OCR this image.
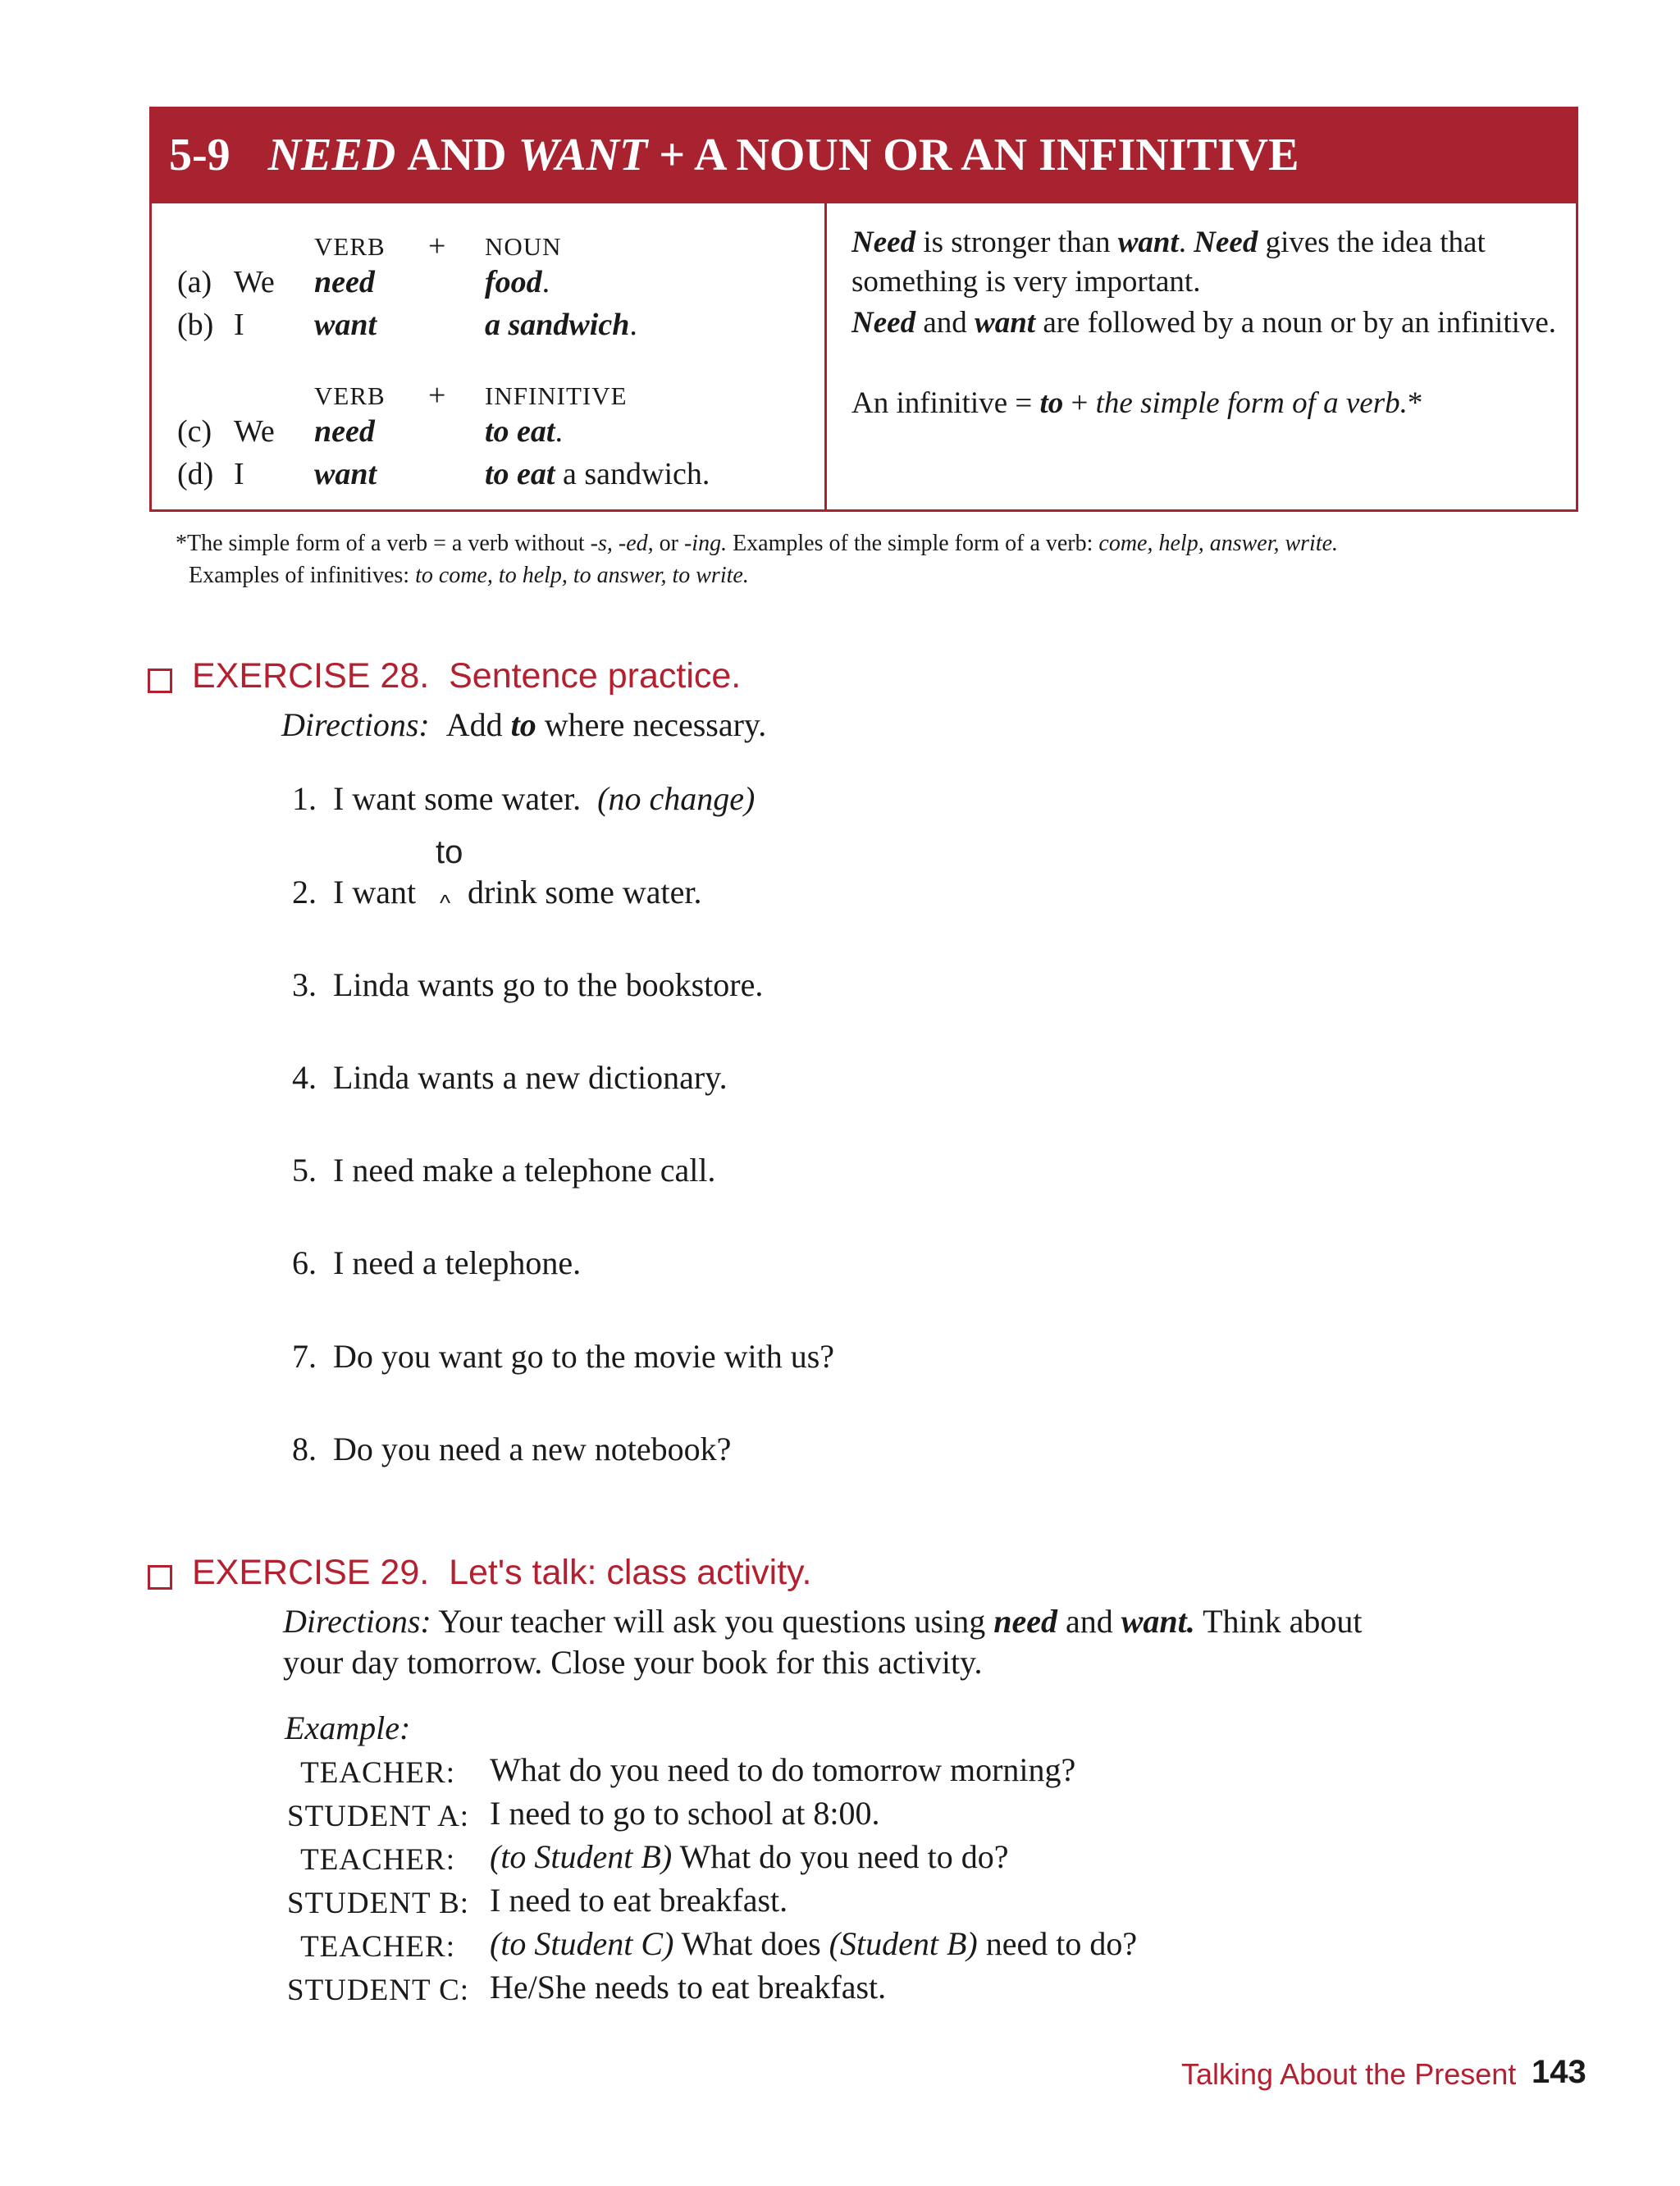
5-9 NEED AND WANT + A NOUN OR AN INFINITIVE
VERB + NOUN
(a) We need	food.
(b) I want	a sandwich.
VERB + INFINITIVE
(c) We need	to eat.
(d) I want	to eat a sandwich.
Need is stronger than want. Need gives the idea that something is very important.
Need and want are followed by a noun or by an infinitive.
An infinitive = to + the simple form of a verb.*
*The simple form of a verb = a verb without -s, -ed, or -ing. Examples of the simple form of a verb: come, help, answer, write.
Examples of infinitives: to come, to help, to answer, to write.
EXERCISE 28. Sentence practice.
Directions: Add to where necessary.
1. I want some water. (no change)
to
2. I want ^ drink some water.
3. Linda wants go to the bookstore.
4. Linda wants a new dictionary.
5. I need make a telephone call.
6. I need a telephone.
7. Do you want go to the movie with us?
8. Do you need a new notebook?
EXERCISE 29. Let's talk: class activity.
Directions: Your teacher will ask you questions using need and want. Think about
your day tomorrow. Close your book for this activity.
Example:
TEACHER: What do you need to do tomorrow morning?
STUDENT A: I need to go to school at 8:00.
TEACHER: (to Student B) What do you need to do?
STUDENT B: I need to eat breakfast.
TEACHER: (to Student C) What does (Student B) need to do?
STUDENT C: He/She needs to eat breakfast.
Talking About the Present 143
